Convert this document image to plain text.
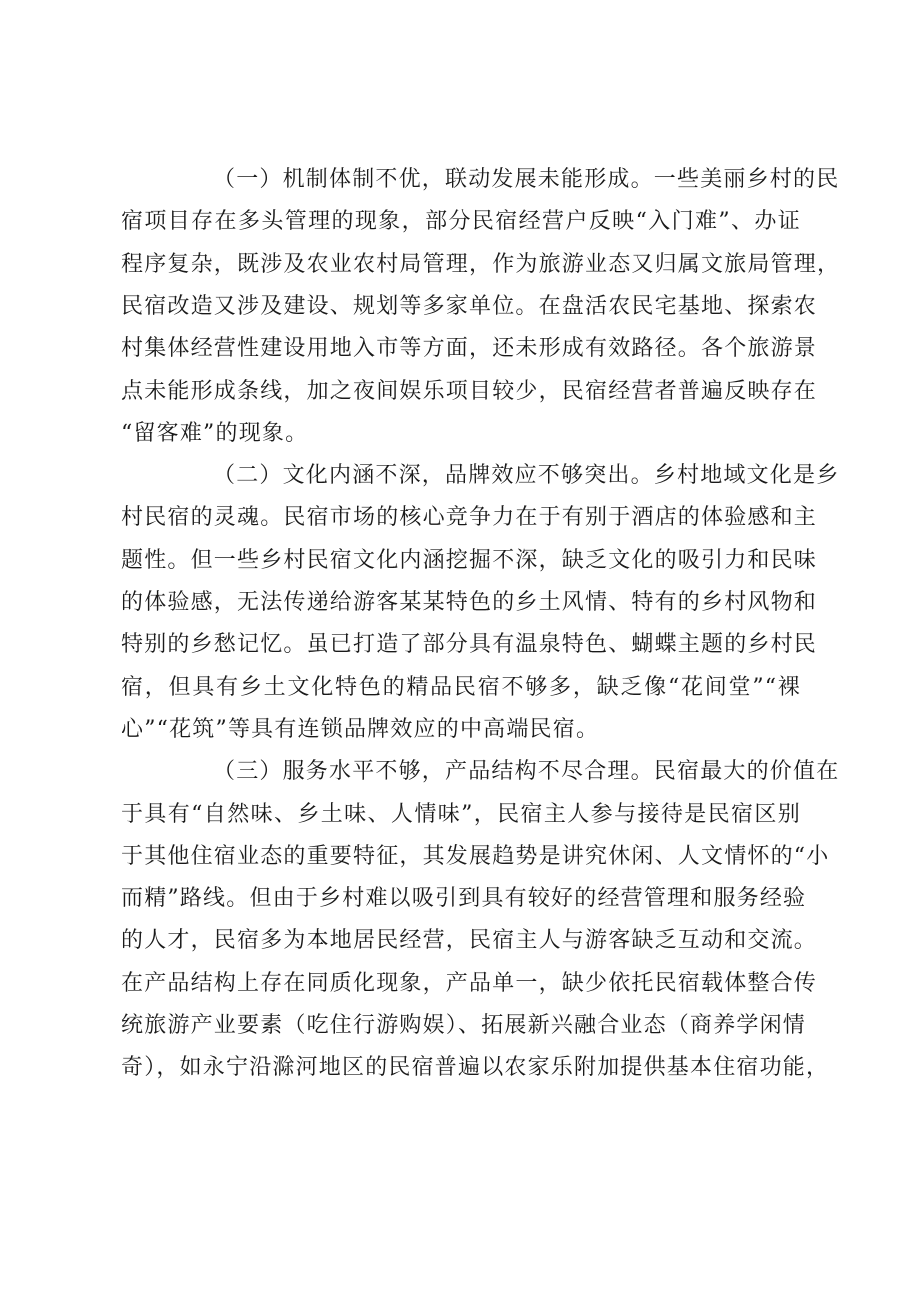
（一）机制体制不优，联动发展未能形成。一些美丽乡村的民
宿项目存在多头管理的现象，部分民宿经营户反映“入门难”、办证
程序复杂，既涉及农业农村局管理，作为旅游业态又归属文旅局管理，
民宿改造又涉及建设、规划等多家单位。在盘活农民宅基地、探索农
村集体经营性建设用地入市等方面，还未形成有效路径。各个旅游景
点未能形成条线，加之夜间娱乐项目较少，民宿经营者普遍反映存在
“留客难”的现象。
（二）文化内涵不深，品牌效应不够突出。乡村地域文化是乡
村民宿的灵魂。民宿市场的核心竞争力在于有别于酒店的体验感和主
题性。但一些乡村民宿文化内涵挖掘不深，缺乏文化的吸引力和民味
的体验感，无法传递给游客某某特色的乡土风情、特有的乡村风物和
特别的乡愁记忆。虽已打造了部分具有温泉特色、蝴蝶主题的乡村民
宿，但具有乡土文化特色的精品民宿不够多，缺乏像“花间堂”“裸
心”“花筑”等具有连锁品牌效应的中高端民宿。
（三）服务水平不够，产品结构不尽合理。民宿最大的价值在
于具有“自然味、乡土味、人情味”，民宿主人参与接待是民宿区别
于其他住宿业态的重要特征，其发展趋势是讲究休闲、人文情怀的“小
而精”路线。但由于乡村难以吸引到具有较好的经营管理和服务经验
的人才，民宿多为本地居民经营，民宿主人与游客缺乏互动和交流。
在产品结构上存在同质化现象，产品单一，缺少依托民宿载体整合传
统旅游产业要素（吃住行游购娱）、拓展新兴融合业态（商养学闲情
奇），如永宁沿滁河地区的民宿普遍以农家乐附加提供基本住宿功能，
